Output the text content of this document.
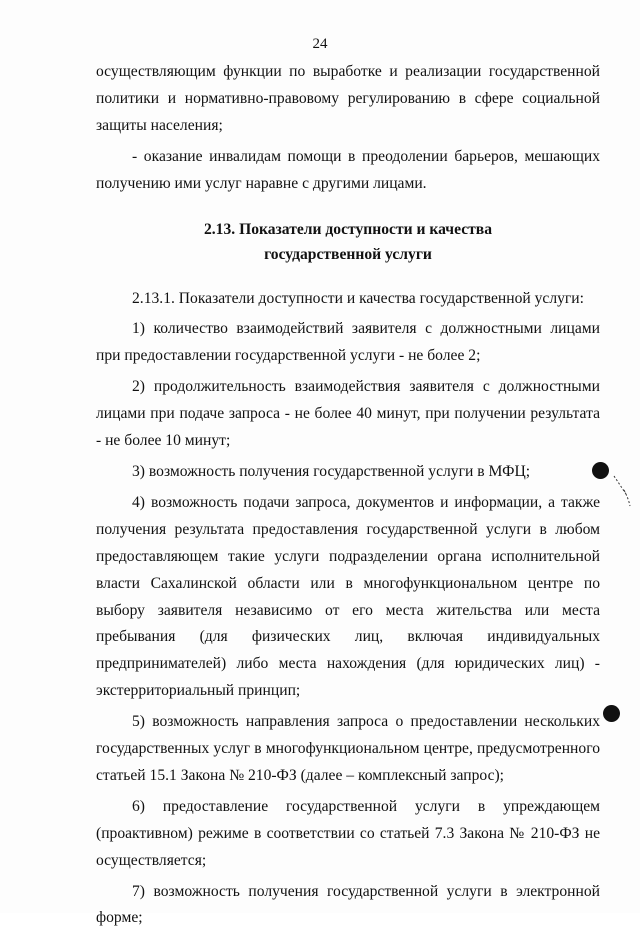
24

осуществляющим функции по выработке и реализации государственной политики и нормативно-правовому регулированию в сфере социальной защиты населения;

- оказание инвалидам помощи в преодолении барьеров, мешающих получению ими услуг наравне с другими лицами.

2.13. Показатели доступности и качества

государственной услуги

2.13.1. Показатели доступности и качества государственной услуги:

1) количество взаимодействий заявителя с должностными лицами при предоставлении государственной услуги - не более 2;

2) продолжительность взаимодействия заявителя с должностными лицами при подаче запроса - не более 40 минут, при получении результата - не более 10 минут;

3) возможность получения государственной услуги в МФЦ;

4) возможность подачи запроса, документов и информации, а также получения результата предоставления государственной услуги в любом предоставляющем такие услуги подразделении органа исполнительной власти Сахалинской области или в многофункциональном центре по выбору заявителя независимо от его места жительства или места пребывания (для физических лиц, включая индивидуальных предпринимателей) либо места нахождения (для юридических лиц) - экстерриториальный принцип;

5) возможность направления запроса о предоставлении нескольких государственных услуг в многофункциональном центре, предусмотренного статьей 15.1 Закона № 210-ФЗ (далее – комплексный запрос);

6) предоставление государственной услуги в упреждающем (проактивном) режиме в соответствии со статьей 7.3 Закона № 210-ФЗ не осуществляется;

7) возможность получения государственной услуги в электронной форме;
